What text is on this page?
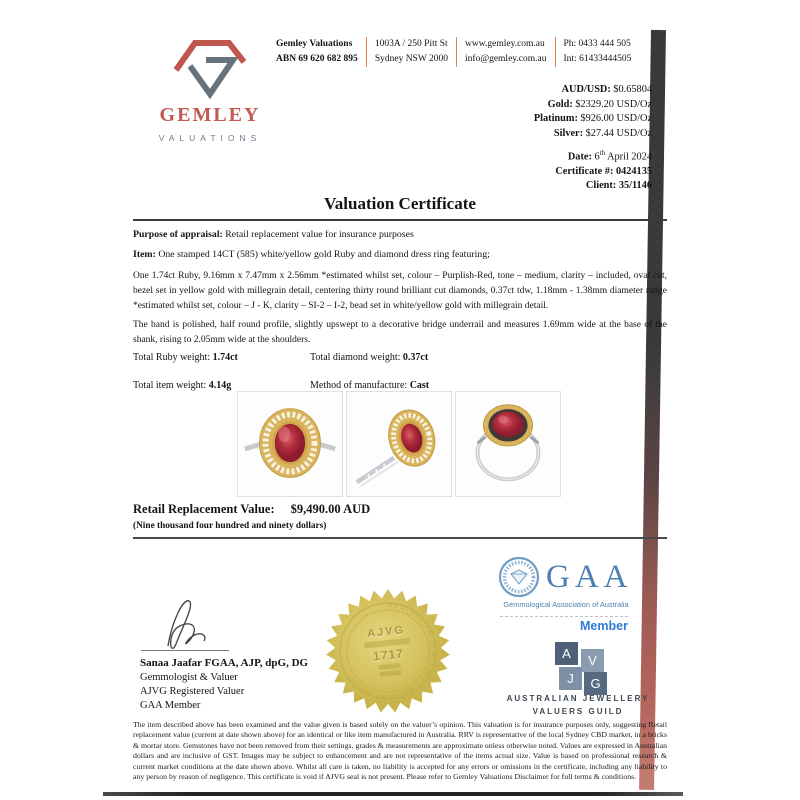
GEMLEY
VALUATIONS
Gemley Valuations
ABN 69 620 682 895
1003A / 250 Pitt St
Sydney NSW 2000
www.gemley.com.au
info@gemley.com.au
Ph: 0433 444 505
Int: 61433444505
AUD/USD: $0.65804
Gold: $2329.20 USD/Oz
Platinum: $926.00 USD/Oz
Silver: $27.44 USD/Oz
Date: 6th April 2024
Certificate #: 0424135
Client: 35/1146
Valuation Certificate
Purpose of appraisal: Retail replacement value for insurance purposes
Item: One stamped 14CT (585) white/yellow gold Ruby and diamond dress ring featuring;

One 1.74ct Ruby, 9.16mm x 7.47mm x 2.56mm *estimated whilst set, colour – Purplish-Red, tone – medium, clarity – included, oval cut, bezel set in yellow gold with millegrain detail, centering thirty round brilliant cut diamonds, 0.37ct tdw, 1.18mm - 1.38mm diameter range *estimated whilst set, colour – J - K, clarity – SI-2 – I-2, bead set in white/yellow gold with millegrain detail.

The band is polished, half round profile, slightly upswept to a decorative bridge underrail and measures 1.69mm wide at the base of the shank, rising to 2.05mm wide at the shoulders.

Total Ruby weight: 1.74ct	Total diamond weight: 0.37ct
Total item weight: 4.14g	Method of manufacture: Cast
Retail Replacement Value: $9,490.00 AUD
(Nine thousand four hundred and ninety dollars)
GAA
Gemmological Association of Australia
Member
A	V
J	G
AUSTRALIAN JEWELLERY
VALUERS GUILD
Sanaa Jaafar FGAA, AJP, dpG, DG
Gemmologist & Valuer
AJVG Registered Valuer
GAA Member
AUSTRALIAN JEWELLERY VALUERS GUILD
AJVG
1717

The item described above has been examined and the value given is based solely on the valuer’s opinion. This valuation is for insurance purposes only, suggesting Retail replacement value (current at date shown above) for an identical or like item manufactured in Australia. RRV is representative of the local Sydney CBD market, in a bricks & mortar store. Gemstones have not been removed from their settings, grades & measurements are approximate unless otherwise noted. Values are expressed in Australian dollars and are inclusive of GST. Images may be subject to enhancement and are not representative of the items actual size. Value is based on professional research & current market conditions at the date shown above. Whilst all care is taken, no liability is accepted for any errors or omissions in the certificate, including any liability to any person by reason of negligence. This certificate is void if AJVG seal is not present. Please refer to Gemley Valuations Disclaimer for full terms & conditions.
